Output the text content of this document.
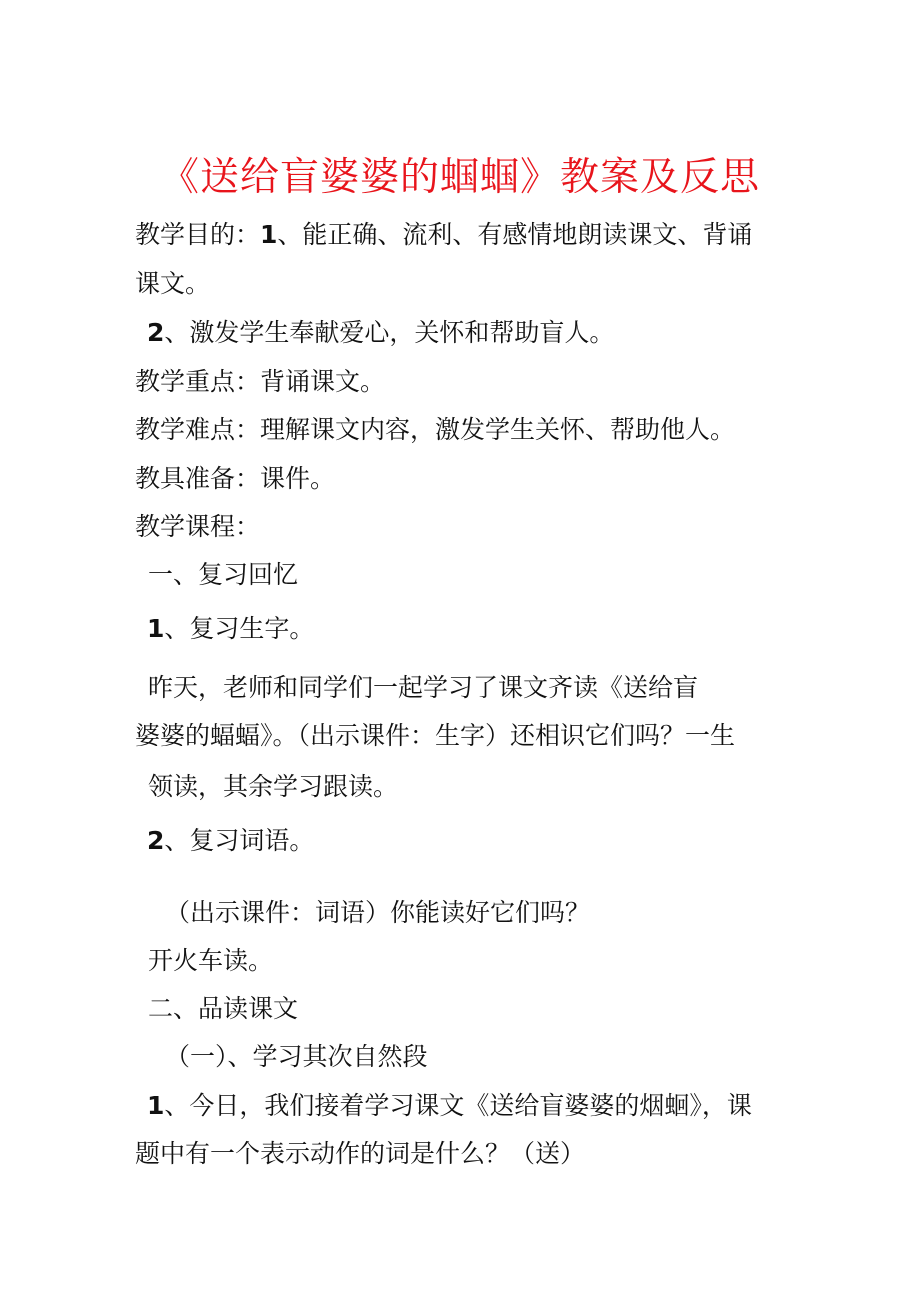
《送给盲婆婆的蝈蝈》教案及反思
教学目的：1、能正确、流利、有感情地朗读课文、背诵
课文。
2、激发学生奉献爱心，关怀和帮助盲人。
教学重点：背诵课文。
教学难点：理解课文内容，激发学生关怀、帮助他人。
教具准备：课件。
教学课程：
一、复习回忆
1、复习生字。
昨天，老师和同学们一起学习了课文齐读《送给盲
婆婆的蝠蝠》。（出示课件：生字）还相识它们吗？一生
领读，其余学习跟读。
2、复习词语。
（出示课件：词语）你能读好它们吗？
开火车读。
二、品读课文
（一）、学习其次自然段
1、今日，我们接着学习课文《送给盲婆婆的烟蛔》，课
题中有一个表示动作的词是什么？（送）
